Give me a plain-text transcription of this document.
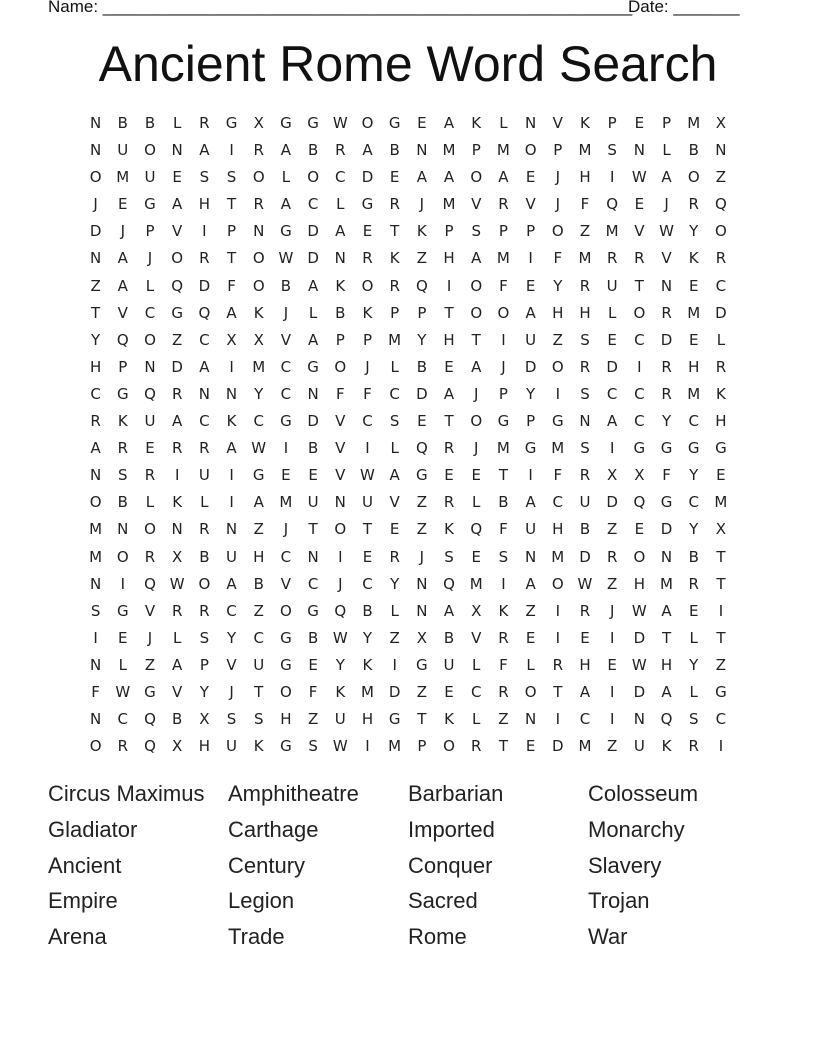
Name: ________________________________________________________
Date: _______
Ancient Rome Word Search
N	B	B	L	R	G	X	G	G W O	G	E	A	K	L	N	V	K	P	E	P	M	X
N	U	O	N	A	I	R	A	B	R	A	B	N	M	P	M O	P	M	S	N	L	B	N
O M	U	E	S	S	O	L	O	C	D	E	A	A	O	A	E	J	H	I	W A	O	Z
J	E	G	A	H	T	R	A	C	L	G	R	J	M	V	R	V	J	F	Q	E	J	R	Q
D	J	P	V	I	P	N	G	D	A	E	T	K	P	S	P	P	O	Z	M	V W	Y	O
N	A	J	O	R	T	O W D	N	R	K	Z	H	A	M	I	F	M	R	R	V	K	R
Z	A	L	Q	D	F	O	B	A	K	O	R	Q	I	O	F	E	Y	R	U	T	N	E	C
T	V	C	G	Q	A	K	J	L	B	K	P	P	T	O	O	A	H	H	L	O	R	M D
Y	Q	O	Z	C	X	X	V	A	P	P	M	Y	H	T	I	U	Z	S	E	C	D	E	L
H	P	N	D	A	I	M	C	G	O	J	L	B	E	A	J	D	O	R	D	I	R	H	R
C	G	Q	R	N	N	Y	C	N	F	F	C	D	A	J	P	Y	I	S	C	C	R	M	K
R	K	U	A	C	K	C	G	D	V	C	S	E	T	O	G	P	G	N	A	C	Y	C	H
A	R	E	R	R	A W	I	B	V	I	L	Q	R	J	M G M	S	I	G	G	G	G
N	S	R	I	U	I	G	E	E	V W A	G	E	E	T	I	F	R	X	X	F	Y	E
O	B	L	K	L	I	A	M	U	N	U	V	Z	R	L	B	A	C	U	D	Q	G	C	M
M	N	O	N	R	N	Z	J	T	O	T	E	Z	K	Q	F	U	H	B	Z	E	D	Y	X
M O	R	X	B	U	H	C	N	I	E	R	J	S	E	S	N	M D	R	O	N	B	T
N	I	Q W O	A	B	V	C	J	C	Y	N	Q M	I	A	O W Z	H	M	R	T
S	G	V	R	R	C	Z	O	G	Q	B	L	N	A	X	K	Z	I	R	J	W A	E	I
I	E	J	L	S	Y	C	G	B W	Y	Z	X	B	V	R	E	I	E	I	D	T	L	T
N	L	Z	A	P	V	U	G	E	Y	K	I	G	U	L	F	L	R	H	E	W H	Y	Z
F	W G	V	Y	J	T	O	F	K	M D	Z	E	C	R	O	T	A	I	D	A	L	G
N	C	Q	B	X	S	S	H	Z	U	H	G	T	K	L	Z	N	I	C	I	N	Q	S	C
O	R	Q	X	H	U	K	G	S	W	I	M	P	O	R	T	E	D M	Z	U	K	R	I
Circus Maximus	Amphitheatre	Barbarian	Colosseum
Gladiator	Carthage	Imported	Monarchy
Ancient	Century	Conquer	Slavery
Empire	Legion	Sacred	Trojan
Arena	Trade	Rome	War
